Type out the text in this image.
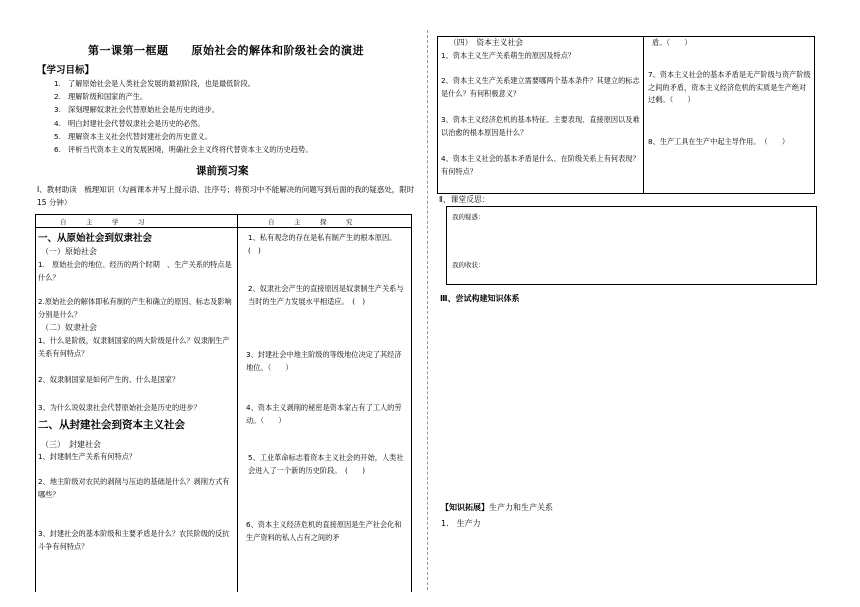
第一课第一框题　　原始社会的解体和阶级社会的演进
【学习目标】
1.　了解原始社会是人类社会发展的最初阶段，也是最低阶段。
2.　理解阶级和国家的产生。
3.　深刻理解奴隶社会代替原始社会是历史的进步。
4.　明白封建社会代替奴隶社会是历史的必然。
5.　理解资本主义社会代替封建社会的历史意义。
6.　评析当代资本主义的发展困境，明确社会主义终将代替资本主义的历史趋势。
课前预习案
Ⅰ、教材助读　梳理知识（勾画课本并写上提示语、注序号；将预习中不能解决的问题写到后面的我的疑惑处，限时 15 分钟）
自　　　主　　　学　　　习	自　　　主　　　探　　　究
一、从原始社会到奴隶社会
（一）原始社会
1.　原始社会的地位、经历的两个时期　、生产关系的特点是什么？
2.原始社会的解体即私有制的产生和确立的原因、标志及影响分别是什么？
（二）奴隶社会
1、什么是阶级，奴隶制国家的两大阶级是什么？奴隶制生产关系有何特点？
2、奴隶制国家是如何产生的、什么是国家？
3、为什么说奴隶社会代替原始社会是历史的进步？
二、从封建社会到资本主义社会
（三）　封建社会
1、封建制生产关系有何特点？
2、地主阶级对农民的剥削与压迫的基础是什么？剥削方式有哪些？
3、封建社会的基本阶级和主要矛盾是什么？农民阶级的反抗斗争有何特点？
1、私有观念的存在是私有制产生的根本原因。(　)
2、奴隶社会产生的直接原因是奴隶制生产关系与当时的生产力发展水平相适应。　(　)
3、封建社会中地主阶级的等级地位决定了其经济地位。（　　）
4、资本主义剥削的秘密是资本家占有了工人的劳动。（　　）
5、工业革命标志着资本主义社会的开始，人类社会进入了一个新的历史阶段。　(　　)
6、资本主义经济危机的直接原因是生产社会化和生产资料的私人占有之间的矛
（四）　资本主义社会
1、资本主义生产关系萌生的原因及特点？
2、资本主义生产关系建立需要哪两个基本条件？其建立的标志是什么？有何积极意义？
3、资本主义经济危机的基本特征、主要表现、直接原因以及难以治愈的根本原因是什么？
4、资本主义社会的基本矛盾是什么、在阶级关系上有何表现？有何特点？
盾。（　　）
7、资本主义社会的基本矛盾是无产阶级与资产阶级之间的矛盾，资本主义经济危机的实质是生产绝对过剩。（　　）
8、生产工具在生产中起主导作用。　（　　）
Ⅱ、课堂反思：
我的疑惑：
我的收获：
Ⅲ、尝试构建知识体系
【知识拓展】生产力和生产关系
1.　生产力
